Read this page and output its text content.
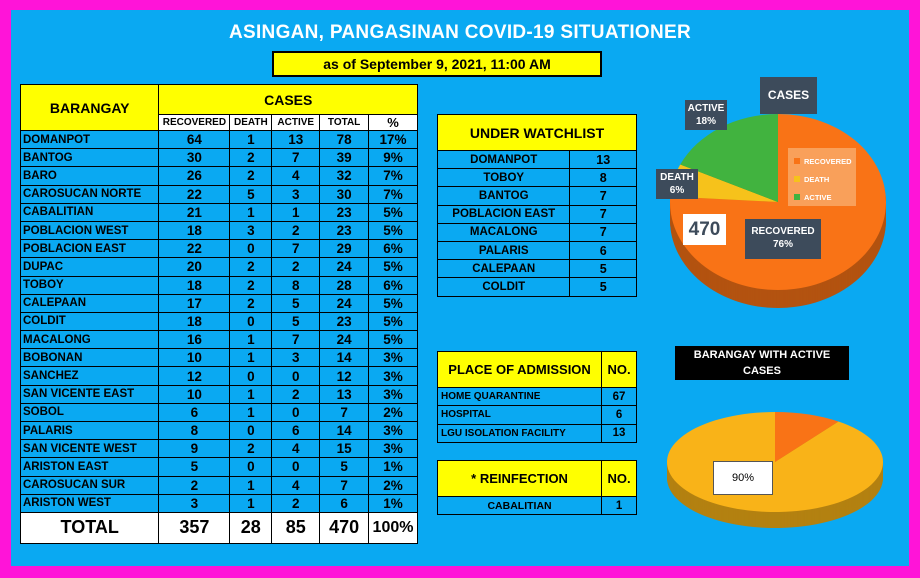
ASINGAN, PANGASINAN COVID-19 SITUATIONER
as of September 9, 2021, 11:00 AM
BARANGAY	CASES				
	RECOVERED	DEATH	ACTIVE	TOTAL	%
DOMANPOT	64	1	13	78	17%
BANTOG	30	2	7	39	9%
BARO	26	2	4	32	7%
CAROSUCAN NORTE	22	5	3	30	7%
CABALITIAN	21	1	1	23	5%
POBLACION WEST	18	3	2	23	5%
POBLACION EAST	22	0	7	29	6%
DUPAC	20	2	2	24	5%
TOBOY	18	2	8	28	6%
CALEPAAN	17	2	5	24	5%
COLDIT	18	0	5	23	5%
MACALONG	16	1	7	24	5%
BOBONAN	10	1	3	14	3%
SANCHEZ	12	0	0	12	3%
SAN VICENTE EAST	10	1	2	13	3%
SOBOL	6	1	0	7	2%
PALARIS	8	0	6	14	3%
SAN VICENTE WEST	9	2	4	15	3%
ARISTON EAST	5	0	0	5	1%
CAROSUCAN SUR	2	1	4	7	2%
ARISTON WEST	3	1	2	6	1%
TOTAL	357	28	85	470	100%
UNDER WATCHLIST	
DOMANPOT	13
TOBOY	8
BANTOG	7
POBLACION EAST	7
MACALONG	7
PALARIS	6
CALEPAAN	5
COLDIT	5
PLACE OF ADMISSION	NO.
HOME QUARANTINE	67
HOSPITAL	6
LGU ISOLATION FACILITY	13
* REINFECTION	NO.
CABALITIAN	1
CASES
RECOVERED
DEATH
ACTIVE
ACTIVE
18%
DEATH
6%
RECOVERED
76%
470
BARANGAY WITH ACTIVE CASES
90%
